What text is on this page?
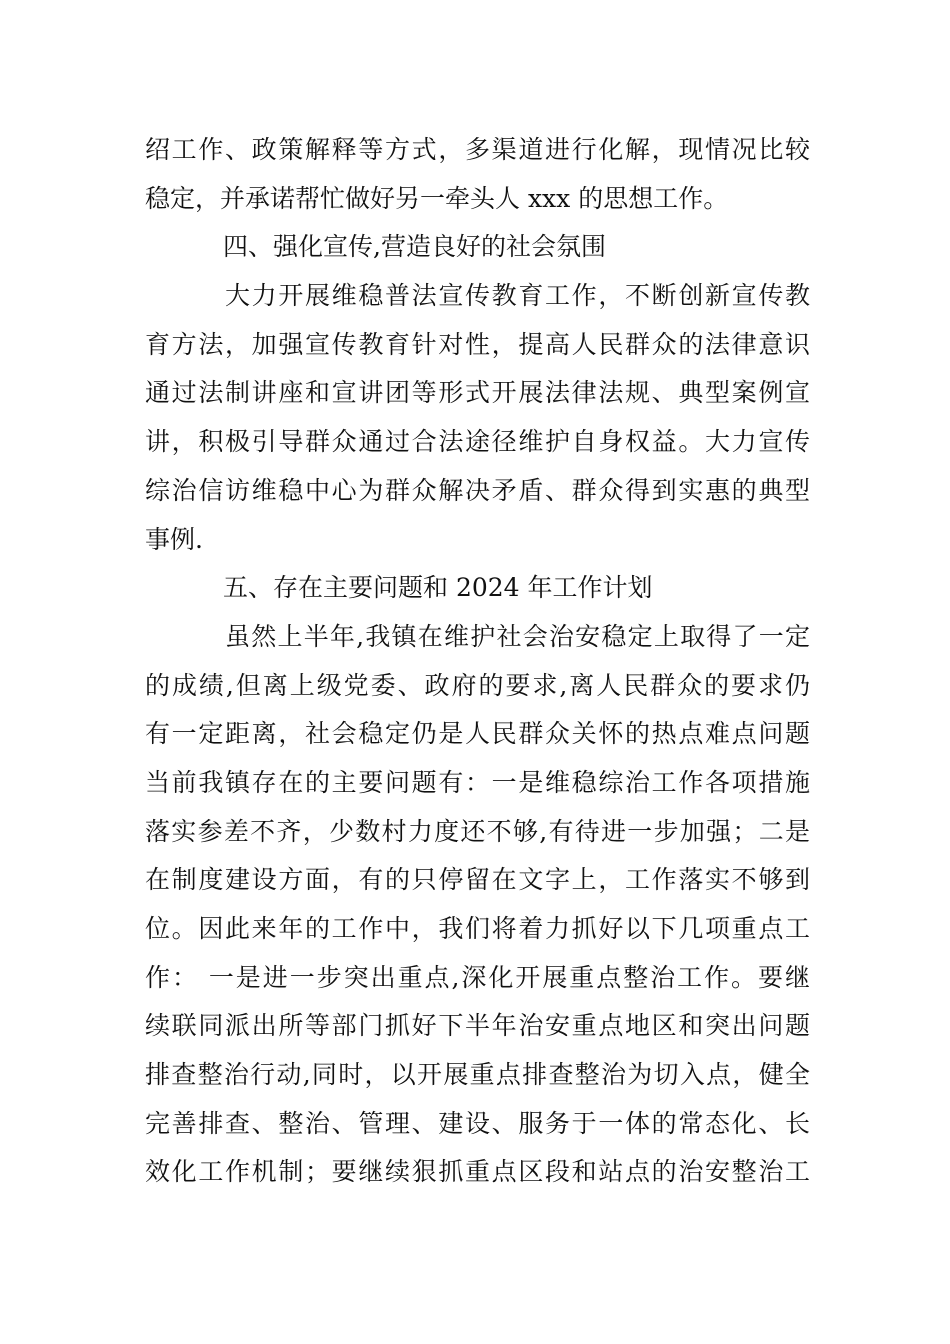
绍工作、政策解释等方式，多渠道进行化解，现情况比较
稳定，并承诺帮忙做好另一牵头人 xxx 的思想工作。
四、强化宣传,营造良好的社会氛围
大力开展维稳普法宣传教育工作，不断创新宣传教
育方法，加强宣传教育针对性，提高人民群众的法律意识
通过法制讲座和宣讲团等形式开展法律法规、典型案例宣
讲，积极引导群众通过合法途径维护自身权益。大力宣传
综治信访维稳中心为群众解决矛盾、群众得到实惠的典型
事例.
五、存在主要问题和 2024 年工作计划
虽然上半年,我镇在维护社会治安稳定上取得了一定
的成绩,但离上级党委、政府的要求,离人民群众的要求仍
有一定距离，社会稳定仍是人民群众关怀的热点难点问题
当前我镇存在的主要问题有：一是维稳综治工作各项措施
落实参差不齐，少数村力度还不够,有待进一步加强；二是
在制度建设方面，有的只停留在文字上，工作落实不够到
位。因此来年的工作中，我们将着力抓好以下几项重点工
作： 一是进一步突出重点,深化开展重点整治工作。要继
续联同派出所等部门抓好下半年治安重点地区和突出问题
排查整治行动,同时，以开展重点排查整治为切入点，健全
完善排查、整治、管理、建设、服务于一体的常态化、长
效化工作机制；要继续狠抓重点区段和站点的治安整治工
